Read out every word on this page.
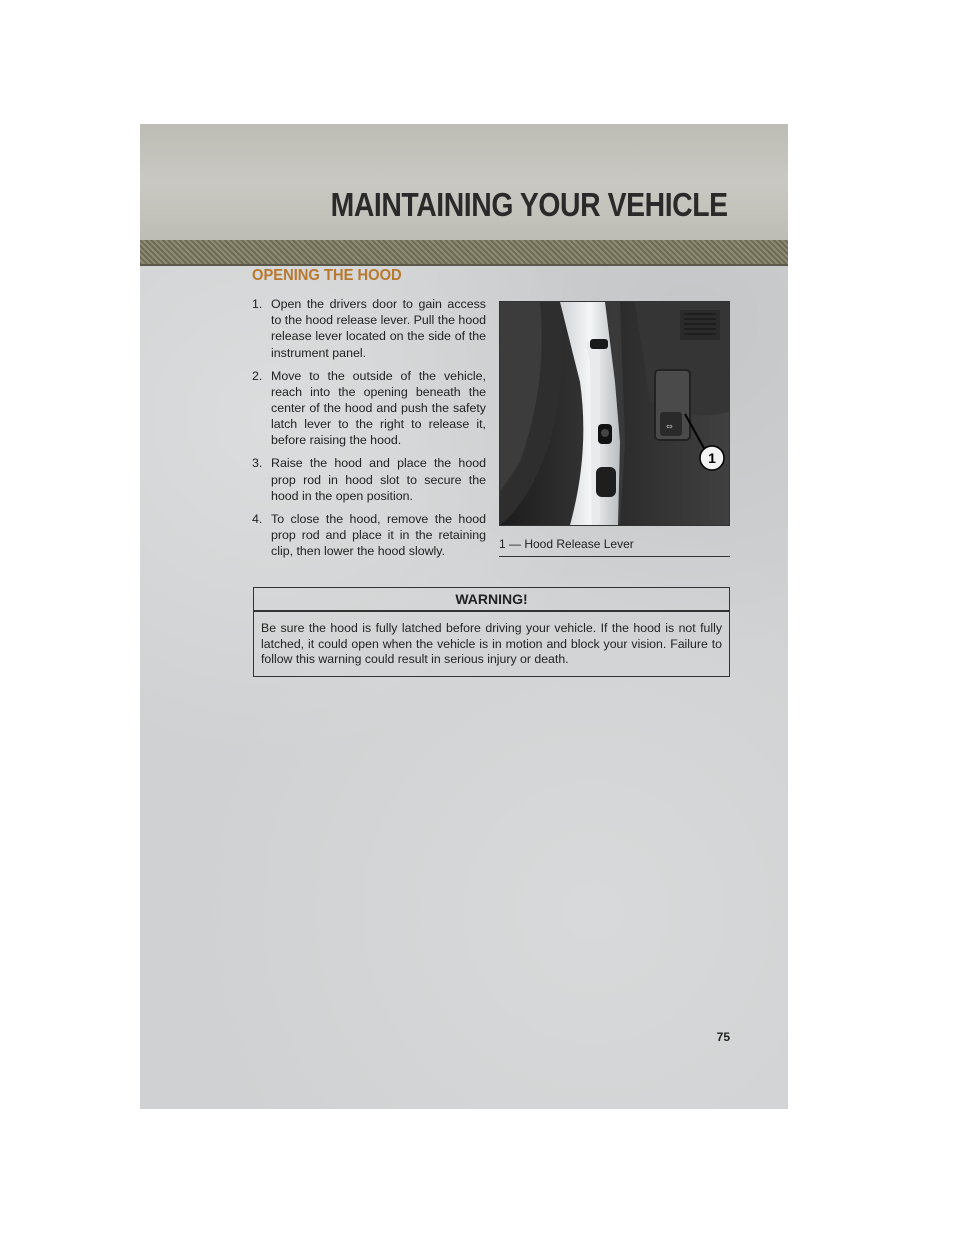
MAINTAINING YOUR VEHICLE
OPENING THE HOOD
1. Open the drivers door to gain access to the hood release lever. Pull the hood release lever located on the side of the instrument panel.
2. Move to the outside of the vehicle, reach into the opening beneath the center of the hood and push the safety latch lever to the right to release it, before raising the hood.
3. Raise the hood and place the hood prop rod in hood slot to secure the hood in the open position.
4. To close the hood, remove the hood prop rod and place it in the retaining clip, then lower the hood slowly.
⇔
1
1 — Hood Release Lever
WARNING!
Be sure the hood is fully latched before driving your vehicle. If the hood is not fully latched, it could open when the vehicle is in motion and block your vision. Failure to follow this warning could result in serious injury or death.
75
